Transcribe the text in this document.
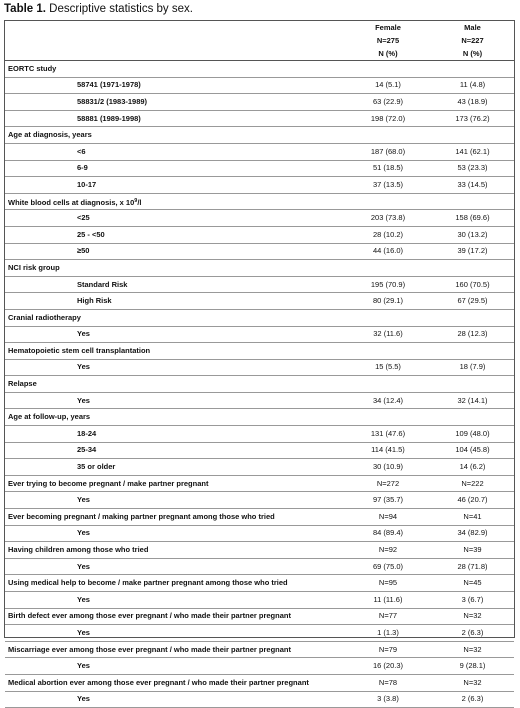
Table 1. Descriptive statistics by sex.
	Female	Male
	N=275	N=227
	N (%)	N (%)
EORTC study		
58741 (1971-1978)	14 (5.1)	11 (4.8)
58831/2 (1983-1989)	63 (22.9)	43 (18.9)
58881 (1989-1998)	198 (72.0)	173 (76.2)
Age at diagnosis, years		
<6	187 (68.0)	141 (62.1)
6-9	51 (18.5)	53 (23.3)
10-17	37 (13.5)	33 (14.5)
White blood cells at diagnosis, x $10^9/l$		
<25	203 (73.8)	158 (69.6)
25 - <50	28 (10.2)	30 (13.2)
≥50	44 (16.0)	39 (17.2)
NCI risk group		
Standard Risk	195 (70.9)	160 (70.5)
High Risk	80 (29.1)	67 (29.5)
Cranial radiotherapy		
Yes	32 (11.6)	28 (12.3)
Hematopoietic stem cell transplantation		
Yes	15 (5.5)	18 (7.9)
Relapse		
Yes	34 (12.4)	32 (14.1)
Age at follow-up, years		
18-24	131 (47.6)	109 (48.0)
25-34	114 (41.5)	104 (45.8)
35 or older	30 (10.9)	14 (6.2)
Ever trying to become pregnant / make partner pregnant	N=272	N=222
Yes	97 (35.7)	46 (20.7)
Ever becoming pregnant / making partner pregnant among those who tried	N=94	N=41
Yes	84 (89.4)	34 (82.9)
Having children among those who tried	N=92	N=39
Yes	69 (75.0)	28 (71.8)
Using medical help to become / make partner pregnant among those who tried	N=95	N=45
Yes	11 (11.6)	3 (6.7)
Birth defect ever among those ever pregnant / who made their partner pregnant	N=77	N=32
Yes	1 (1.3)	2 (6.3)
Miscarriage ever among those ever pregnant / who made their partner pregnant	N=79	N=32
Yes	16 (20.3)	9 (28.1)
Medical abortion ever among those ever pregnant / who made their partner pregnant	N=78	N=32
Yes	3 (3.8)	2 (6.3)
